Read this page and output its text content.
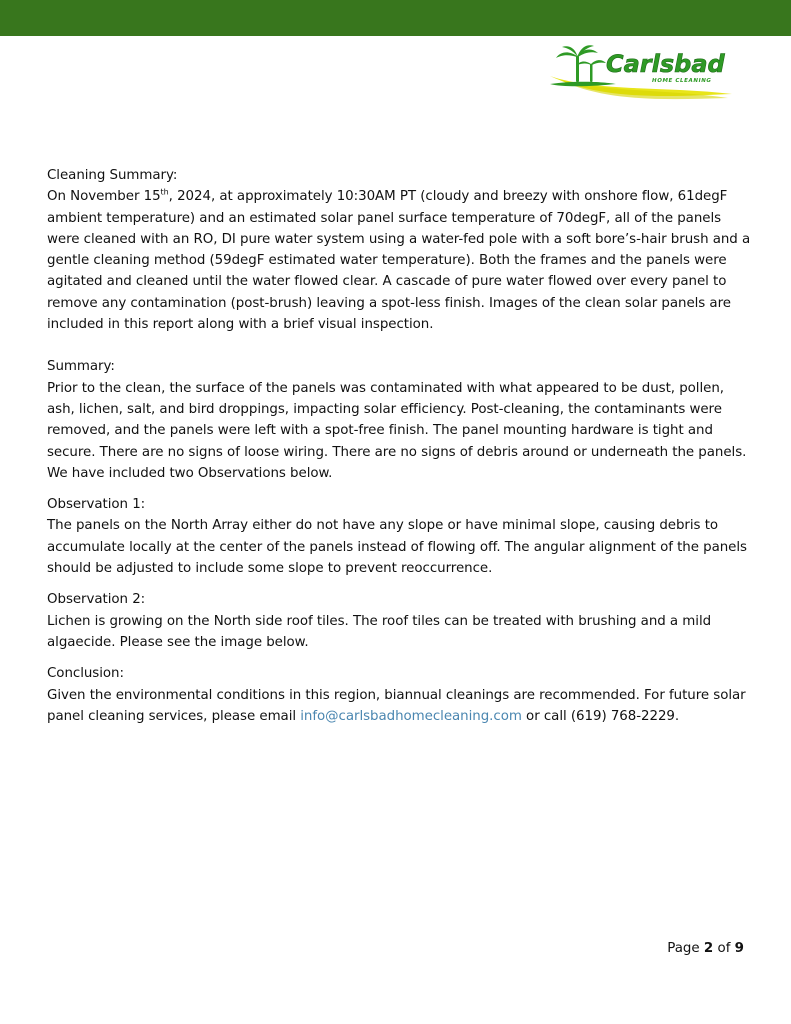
Carlsbad
HOME CLEANING

Cleaning Summary:

On November 15th, 2024, at approximately 10:30AM PT (cloudy and breezy with onshore flow, 61degF ambient temperature) and an estimated solar panel surface temperature of 70degF, all of the panels were cleaned with an RO, DI pure water system using a water-fed pole with a soft bore’s-hair brush and a gentle cleaning method (59degF estimated water temperature). Both the frames and the panels were agitated and cleaned until the water flowed clear. A cascade of pure water flowed over every panel to remove any contamination (post-brush) leaving a spot-less finish. Images of the clean solar panels are included in this report along with a brief visual inspection.

Summary:

Prior to the clean, the surface of the panels was contaminated with what appeared to be dust, pollen, ash, lichen, salt, and bird droppings, impacting solar efficiency. Post-cleaning, the contaminants were removed, and the panels were left with a spot-free finish. The panel mounting hardware is tight and secure. There are no signs of loose wiring. There are no signs of debris around or underneath the panels. We have included two Observations below.

Observation 1:

The panels on the North Array either do not have any slope or have minimal slope, causing debris to accumulate locally at the center of the panels instead of flowing off. The angular alignment of the panels should be adjusted to include some slope to prevent reoccurrence.

Observation 2:

Lichen is growing on the North side roof tiles. The roof tiles can be treated with brushing and a mild algaecide. Please see the image below.

Conclusion:

Given the environmental conditions in this region, biannual cleanings are recommended. For future solar panel cleaning services, please email info@carlsbadhomecleaning.com or call (619) 768-2229.

Page 2 of 9
